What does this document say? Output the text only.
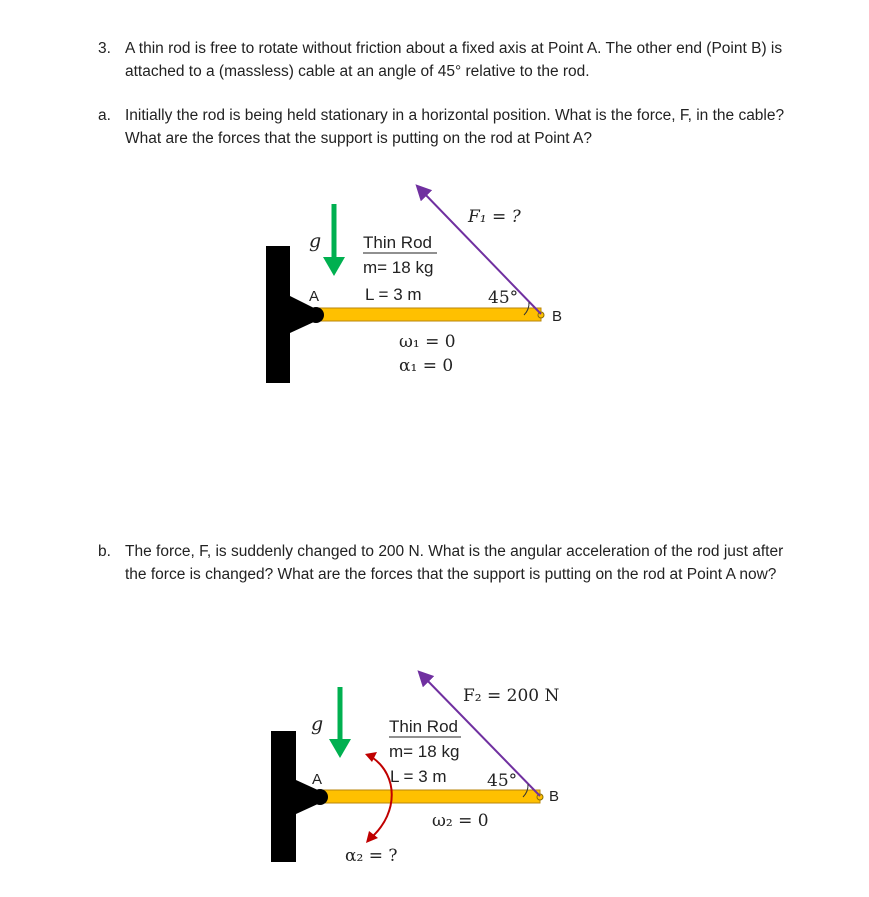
3. A thin rod is free to rotate without friction about a fixed axis at Point A. The other end (Point B) is attached to a (massless) cable at an angle of 45° relative to the rod.
a. Initially the rod is being held stationary in a horizontal position. What is the force, F, in the cable? What are the forces that the support is putting on the rod at Point A?
g Thin Rod
m= 18 kg
L = 3 m
A
B
45°
F₁ = ?
ω₁ = 0
α₁ = 0
b. The force, F, is suddenly changed to 200 N. What is the angular acceleration of the rod just after the force is changed? What are the forces that the support is putting on the rod at Point A now?
g	Thin Rod
m= 18 kg
L = 3 m
A
B
45°
F₂ = 200 N
ω₂ = 0
α₂ = ?
